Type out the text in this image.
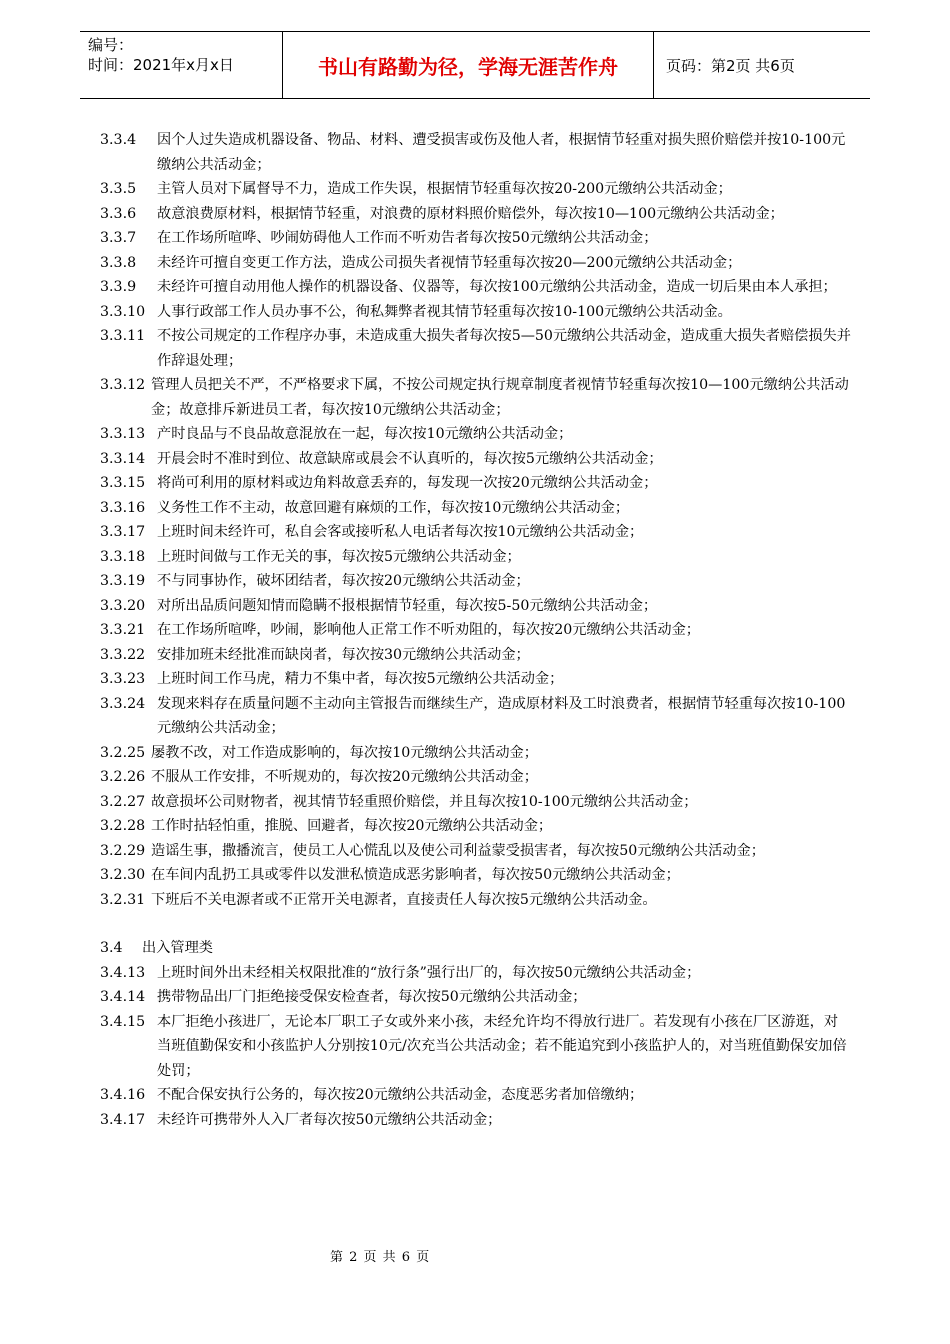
编号：
时间：2021年x月x日	书山有路勤为径，学海无涯苦作舟	页码：第2页 共6页
3.3.4	因个人过失造成机器设备、物品、材料、遭受损害或伤及他人者，根据情节轻重对损失照价赔偿并按10-100元缴纳公共活动金；
3.3.5	主管人员对下属督导不力，造成工作失误，根据情节轻重每次按20-200元缴纳公共活动金；
3.3.6	故意浪费原材料，根据情节轻重，对浪费的原材料照价赔偿外，每次按10—100元缴纳公共活动金；
3.3.7	在工作场所喧哗、吵闹妨碍他人工作而不听劝告者每次按50元缴纳公共活动金；
3.3.8	未经许可擅自变更工作方法，造成公司损失者视情节轻重每次按20—200元缴纳公共活动金；
3.3.9	未经许可擅自动用他人操作的机器设备、仪器等，每次按100元缴纳公共活动金，造成一切后果由本人承担；
3.3.10 人事行政部工作人员办事不公，徇私舞弊者视其情节轻重每次按10-100元缴纳公共活动金。
3.3.11 不按公司规定的工作程序办事，未造成重大损失者每次按5—50元缴纳公共活动金，造成重大损失者赔偿损失并作辞退处理；
3.3.12 管理人员把关不严，不严格要求下属，不按公司规定执行规章制度者视情节轻重每次按10—100元缴纳公共活动金；故意排斥新进员工者，每次按10元缴纳公共活动金；
3.3.13 产时良品与不良品故意混放在一起，每次按10元缴纳公共活动金；
3.3.14 开晨会时不准时到位、故意缺席或晨会不认真听的，每次按5元缴纳公共活动金；
3.3.15 将尚可利用的原材料或边角料故意丢弃的，每发现一次按20元缴纳公共活动金；
3.3.16 义务性工作不主动，故意回避有麻烦的工作，每次按10元缴纳公共活动金；
3.3.17 上班时间未经许可，私自会客或接听私人电话者每次按10元缴纳公共活动金；
3.3.18 上班时间做与工作无关的事，每次按5元缴纳公共活动金；
3.3.19 不与同事协作，破坏团结者，每次按20元缴纳公共活动金；
3.3.20 对所出品质问题知情而隐瞒不报根据情节轻重，每次按5-50元缴纳公共活动金；
3.3.21 在工作场所喧哗，吵闹，影响他人正常工作不听劝阻的，每次按20元缴纳公共活动金；
3.3.22 安排加班未经批准而缺岗者，每次按30元缴纳公共活动金；
3.3.23 上班时间工作马虎，精力不集中者，每次按5元缴纳公共活动金；
3.3.24 发现来料存在质量问题不主动向主管报告而继续生产，造成原材料及工时浪费者，根据情节轻重每次按10-100元缴纳公共活动金；
3.2.25 屡教不改，对工作造成影响的，每次按10元缴纳公共活动金；
3.2.26 不服从工作安排，不听规劝的，每次按20元缴纳公共活动金；
3.2.27 故意损坏公司财物者，视其情节轻重照价赔偿，并且每次按10-100元缴纳公共活动金；
3.2.28 工作时拈轻怕重，推脱、回避者，每次按20元缴纳公共活动金；
3.2.29 造谣生事，撒播流言，使员工人心慌乱以及使公司利益蒙受损害者，每次按50元缴纳公共活动金；
3.2.30 在车间内乱扔工具或零件以发泄私愤造成恶劣影响者，每次按50元缴纳公共活动金；
3.2.31 下班后不关电源者或不正常开关电源者，直接责任人每次按5元缴纳公共活动金。
3.4 出入管理类
3.4.13 上班时间外出未经相关权限批准的“放行条”强行出厂的，每次按50元缴纳公共活动金；
3.4.14 携带物品出厂门拒绝接受保安检查者，每次按50元缴纳公共活动金；
3.4.15 本厂拒绝小孩进厂，无论本厂职工子女或外来小孩，未经允许均不得放行进厂。若发现有小孩在厂区游逛，对当班值勤保安和小孩监护人分别按10元/次充当公共活动金；若不能追究到小孩监护人的，对当班值勤保安加倍处罚；
3.4.16 不配合保安执行公务的，每次按20元缴纳公共活动金，态度恶劣者加倍缴纳；
3.4.17 未经许可携带外人入厂者每次按50元缴纳公共活动金；
第 2 页 共 6 页
